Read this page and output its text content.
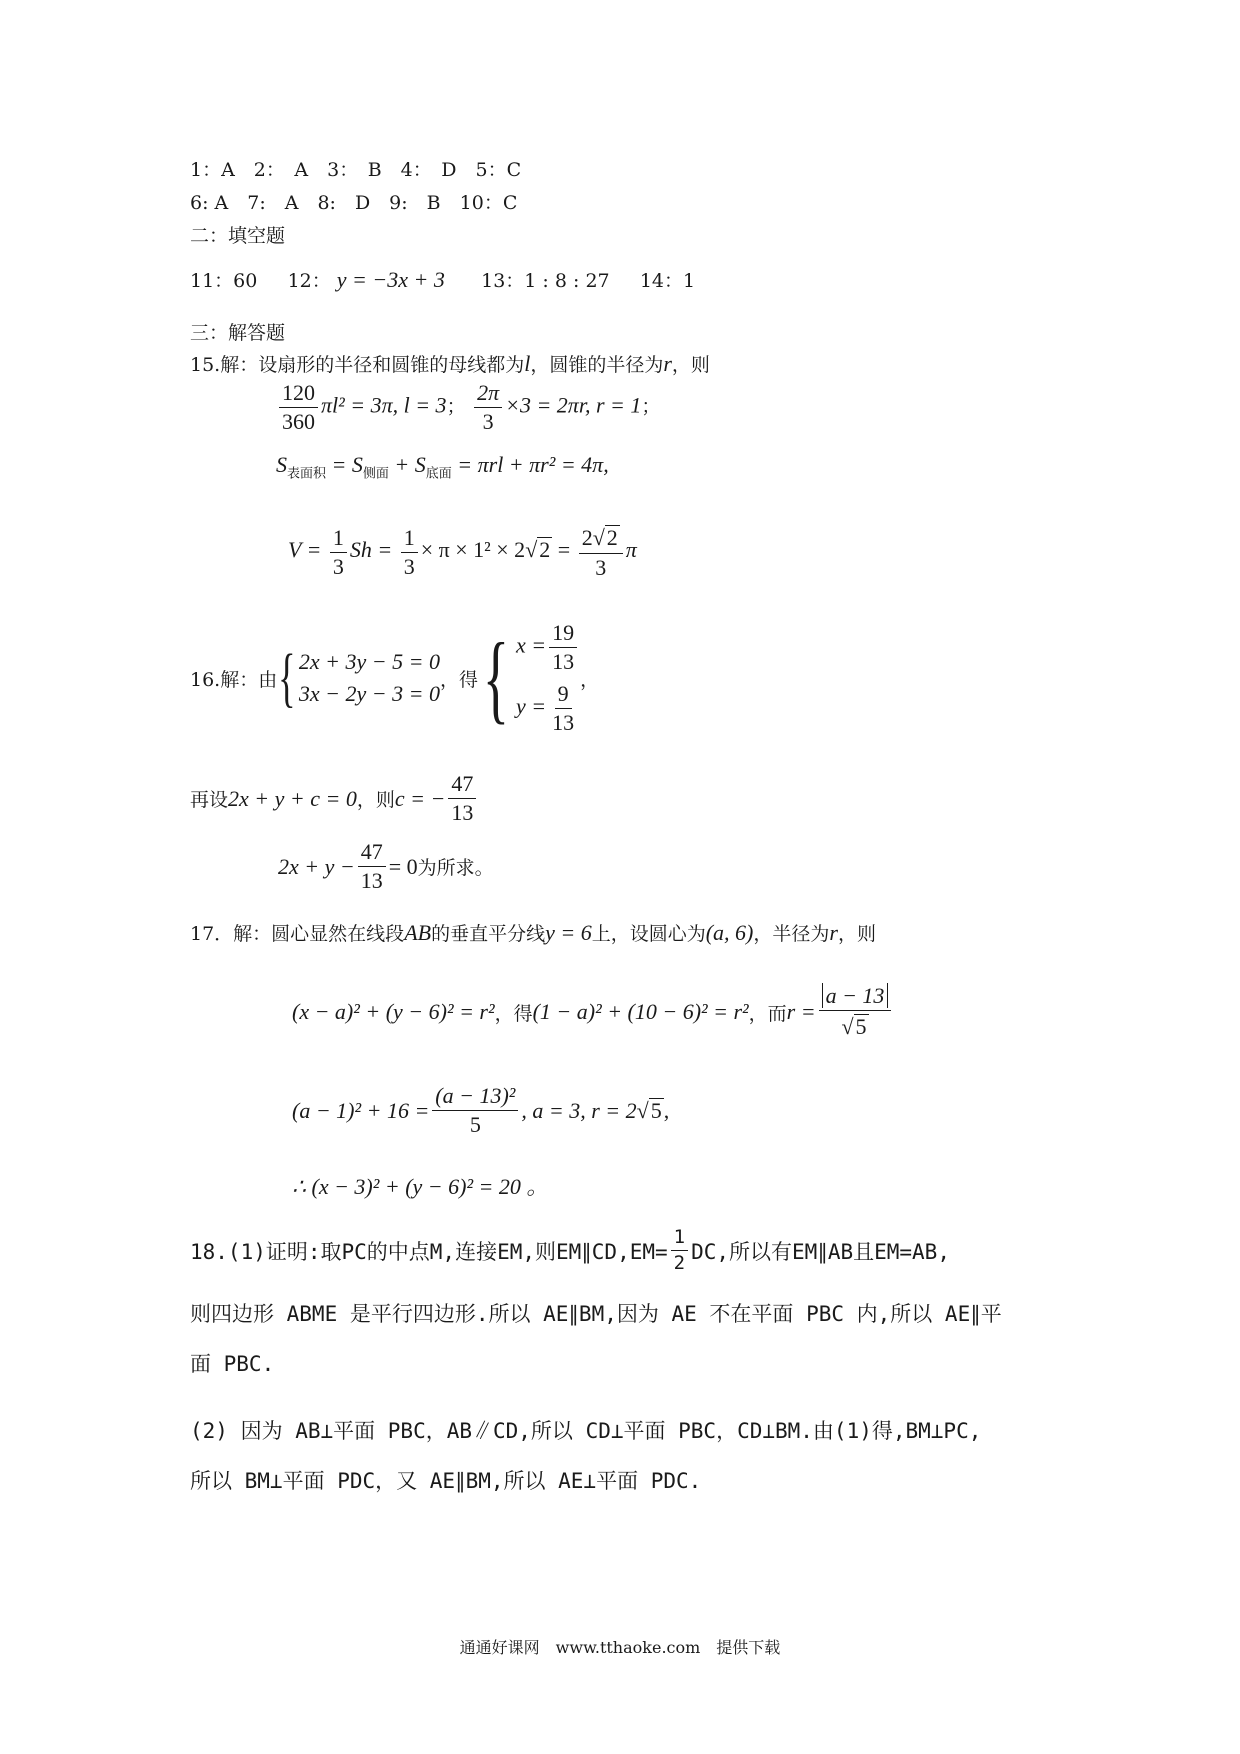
1：A　2：　A　3：　B　4：　D　5：C
6: A　7:　A　8:　D　9:　B　10：C
二：填空题
11：60 12： y = −3x + 3 13：1 : 8 : 27 14：1
三：解答题
15.解：设扇形的半径和圆锥的母线都为l，圆锥的半径为r，则
$\frac{120}{360} \pi l^2 = 3\pi$, l = 3； $\frac{2\pi}{3} \times 3 = 2\pi r$, r = 1；
$S_{表面积} = S_{侧面} + S_{底面} = \pi rl + \pi r^2 = 4\pi$,
$V = \frac{1}{3}$ $Sh = \frac{1}{3} \times \pi \times 1^2 \times 2√2 = \frac{2√2}{3}$ π
16.解：由 { 2x + 3y − 5 = 0
3x − 2y − 3 = 0
，得 { $x = \frac{19}{13}$
$y = \frac{9}{13}$
，
再设 2x + y + c = 0 ，则 c = − $\frac{47}{13}$
$2x + y - \frac{47}{13} = 0$ 为所求。
17．解：圆心显然在线段AB的垂直平分线y = 6上，设圆心为(a, 6)，半径为r，则
(x − a)² + (y − 6)² = r² ，得 (1 − a)² + (10 − 6)² = r² ，而 $r = \frac{a - 13}{√5}$
$(a - 1)^2 + 16 = \frac{\text{(a − 13)²}}{5}$ , a = 3, r = 2 √ 5 ,
∴ (x − 3)² + (y − 6)² = 20 。
18.(1)证明:取PC的中点M,连接EM,则EM∥CD,EM= $\frac{1}{2}$ DC,所以有EM∥AB且EM=AB,
则四边形 ABME 是平行四边形.所以 AE∥BM,因为 AE 不在平面 PBC 内,所以 AE∥平
面 PBC.
(2) 因为 AB⊥平面 PBC，AB∥CD,所以 CD⊥平面 PBC，CD⊥BM.由(1)得,BM⊥PC,
所以 BM⊥平面 PDC，又 AE∥BM,所以 AE⊥平面 PDC.
通通好课网　www.tthaoke.com　提供下载
